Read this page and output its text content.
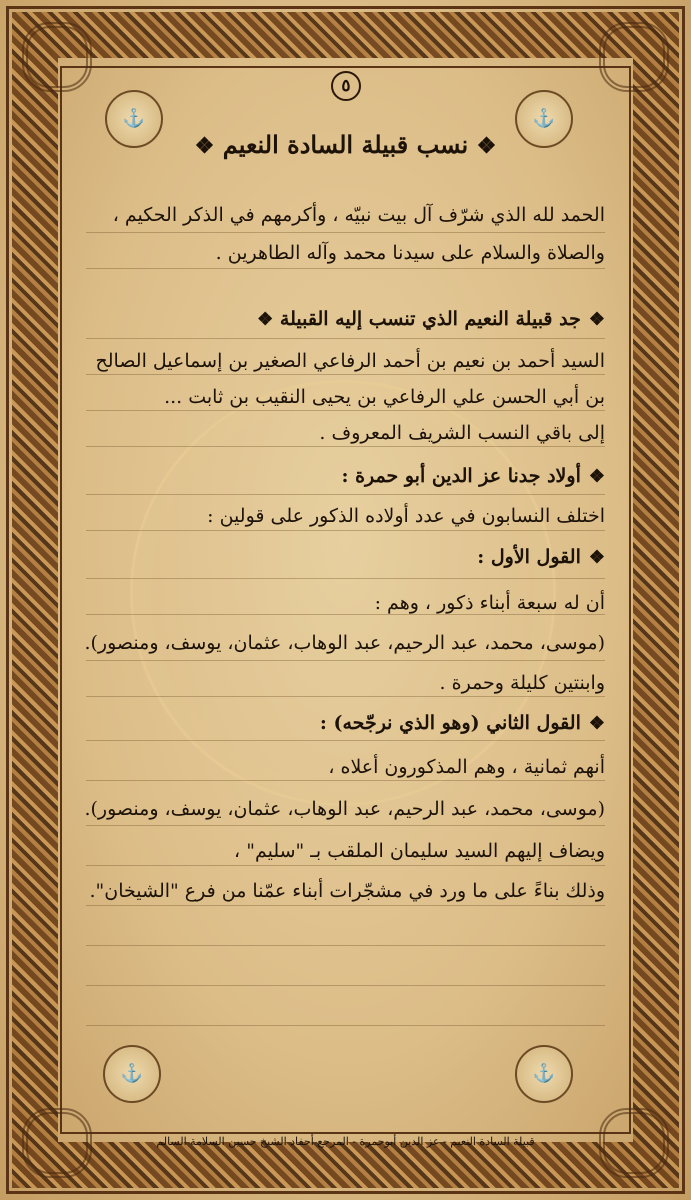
⚓	⚓
⚓	⚓
٥
❖ نسب قبيلة السادة النعيم ❖
الحمد لله الذي شرّف آل بيت نبيّه ، وأكرمهم في الذكر الحكيم ،
والصلاة والسلام على سيدنا محمد وآله الطاهرين .
❖جد قبيلة النعيم الذي تنسب إليه القبيلة ❖
السيد أحمد بن نعيم بن أحمد الرفاعي الصغير بن إسماعيل الصالح
بن أبي الحسن علي الرفاعي بن يحيى النقيب بن ثابت ...
إلى باقي النسب الشريف المعروف .
❖أولاد جدنا عز الدين أبو حمرة :
اختلف النسابون في عدد أولاده الذكور على قولين :
❖القول الأول :
أن له سبعة أبناء ذكور ، وهم :
(موسى، محمد، عبد الرحيم، عبد الوهاب، عثمان، يوسف، ومنصور).
وابنتين كليلة وحمرة .
❖القول الثاني (وهو الذي نرجّحه) :
أنهم ثمانية ، وهم المذكورون أعلاه ،
(موسى، محمد، عبد الرحيم، عبد الوهاب، عثمان، يوسف، ومنصور).
ويضاف إليهم السيد سليمان الملقب بـ "سليم" ،
وذلك بناءً على ما ورد في مشجّرات أبناء عمّنا من فرع "الشيخان".
قبيلة السادة النعيم - عز الدين أبوحمرة - المرجع أحفاد الشيخ حسين السلامة السالم
